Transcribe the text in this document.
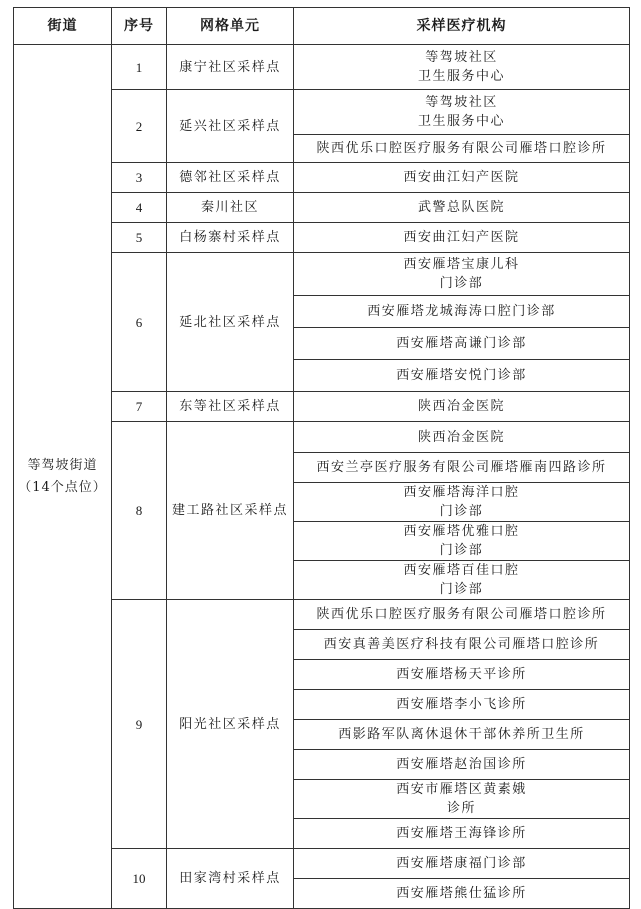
街道	序号	网格单元	采样医疗机构

等驾坡街道
（14个点位）	1	康宁社区采样点	等驾坡社区
卫生服务中心

	2	延兴社区采样点	等驾坡社区
卫生服务中心

			陕西优乐口腔医疗服务有限公司雁塔口腔诊所

	3	德邻社区采样点	西安曲江妇产医院

	4	秦川社区	武警总队医院

	5	白杨寨村采样点	西安曲江妇产医院

	6	延北社区采样点	西安雁塔宝康儿科
门诊部

			西安雁塔龙城海涛口腔门诊部

			西安雁塔高谦门诊部

			西安雁塔安悦门诊部

	7	东等社区采样点	陕西冶金医院

	8	建工路社区采样点	陕西冶金医院

			西安兰亭医疗服务有限公司雁塔雁南四路诊所

			西安雁塔海洋口腔
门诊部

			西安雁塔优雅口腔
门诊部

			西安雁塔百佳口腔
门诊部

	9	阳光社区采样点	陕西优乐口腔医疗服务有限公司雁塔口腔诊所

			西安真善美医疗科技有限公司雁塔口腔诊所

			西安雁塔杨天平诊所

			西安雁塔李小飞诊所

			西影路军队离休退休干部休养所卫生所

			西安雁塔赵治国诊所

			西安市雁塔区黄素娥
诊所

			西安雁塔王海锋诊所

	10	田家湾村采样点	西安雁塔康福门诊部

			西安雁塔熊仕猛诊所
